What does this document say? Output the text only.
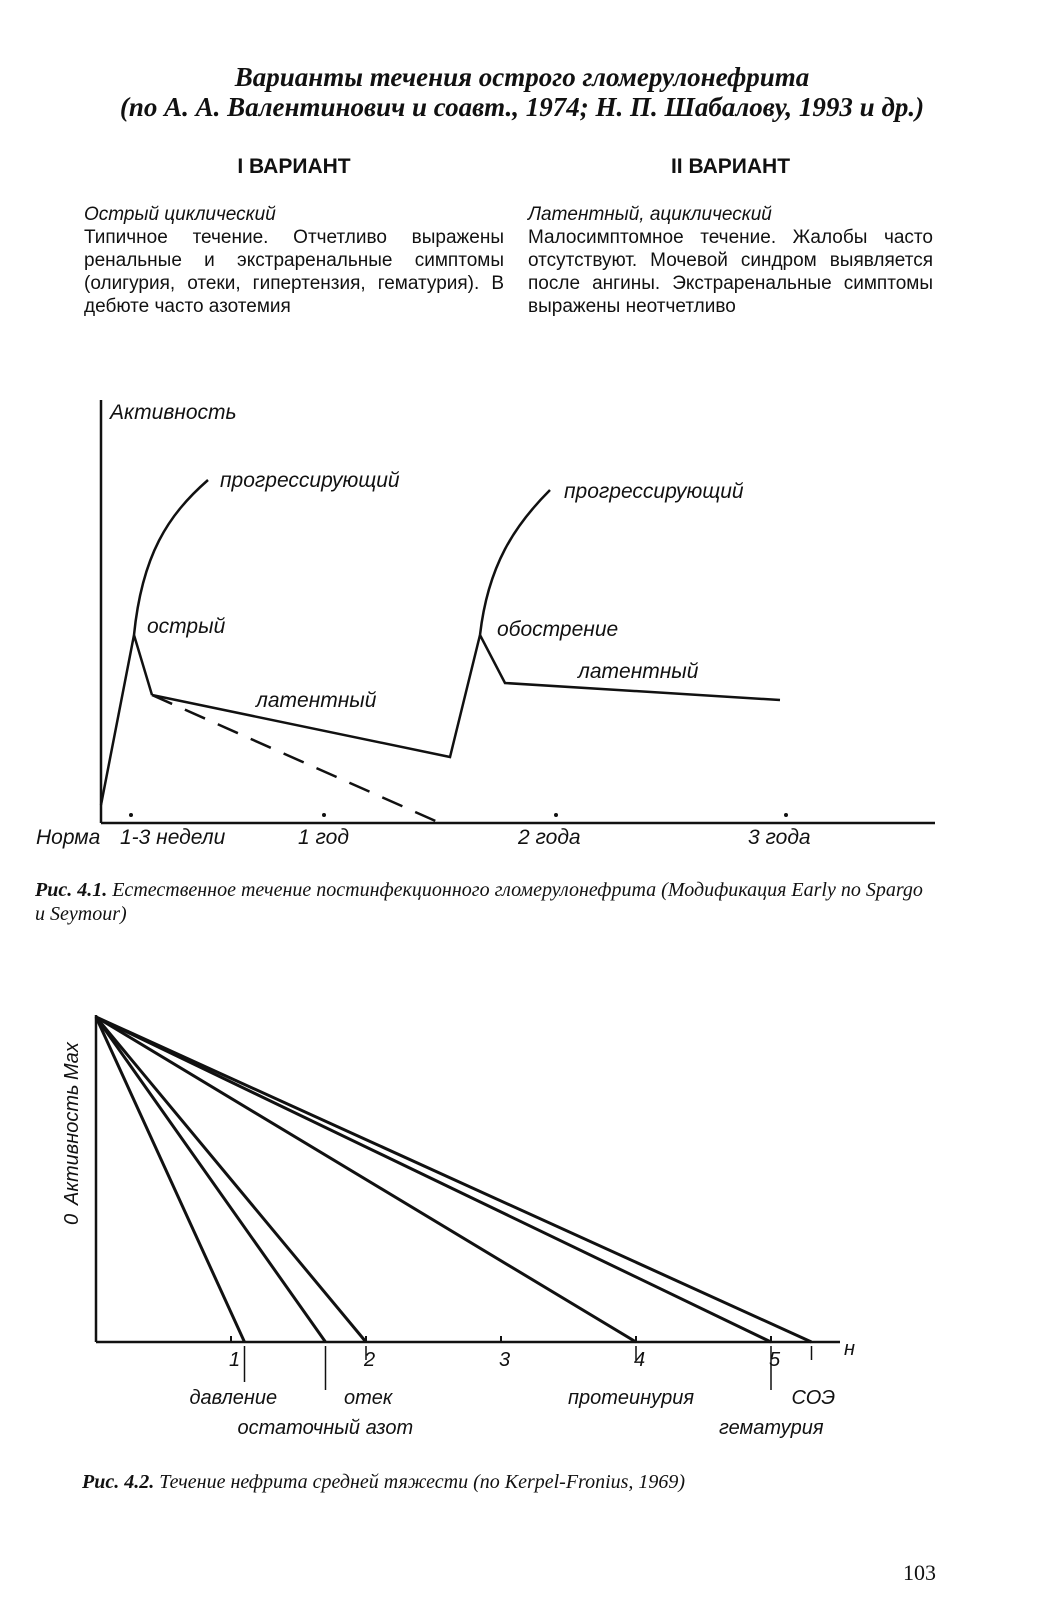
Варианты течения острого гломерулонефрита
(по А. А. Валентинович и соавт., 1974; Н. П. Шабалову, 1993 и др.)
I ВАРИАНТ
Острый циклический
Типичное течение. Отчетливо выражены ренальные и экстраренальные симптомы (олигурия, отеки, гипертензия, гематурия). В дебюте часто азотемия
II ВАРИАНТ
Латентный, ациклический
Малосимптомное течение. Жалобы часто отсутствуют. Мочевой синдром выявляется после ангины. Экстраренальные симптомы выражены неотчетливо
Активность
прогрессирующий
острый
латентный
прогрессирующий
обострение
латентный
Норма 1-3 недели	1 год	2 года	3 года
Рис. 4.1. Естественное течение постинфекционного гломерулонефрита (Модификация Early по Spargo и Seymour)
1	2	3	4	5
0
Активность
Max
н
давление
остаточный азот
отек	протеинурия
гематурия
СОЭ
Рис. 4.2. Течение нефрита средней тяжести (по Kerpel-Fronius, 1969)
103
